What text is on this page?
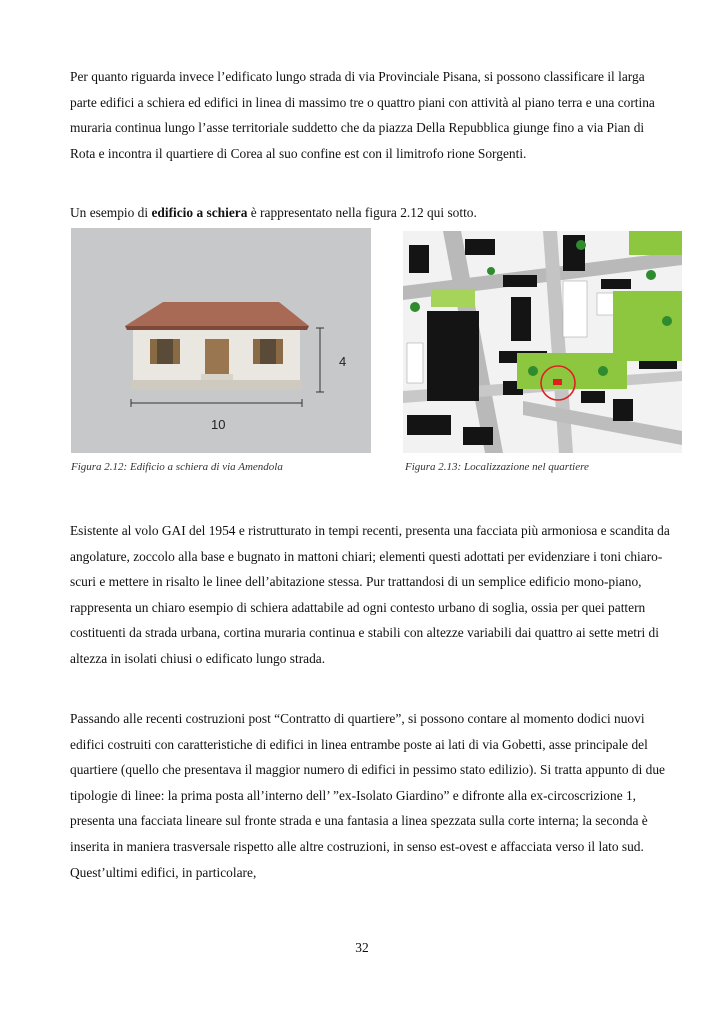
Per quanto riguarda invece l’edificato lungo strada di via Provinciale Pisana, si possono classificare il larga parte edifici a schiera ed edifici in linea di massimo tre o quattro piani con attività al piano terra e una cortina muraria continua lungo l’asse territoriale suddetto che da piazza Della Repubblica giunge fino a via Pian di Rota e incontra il quartiere di Corea al suo confine est con il limitrofo rione Sorgenti.

Un esempio di edificio a schiera è rappresentato nella figura 2.12 qui sotto.

4
10
Figura 2.12: Edificio a schiera di via Amendola	Figura 2.13: Localizzazione nel quartiere

Esistente al volo GAI del 1954 e ristrutturato in tempi recenti, presenta una facciata più armoniosa e scandita da angolature, zoccolo alla base e bugnato in mattoni chiari; elementi questi adottati per evidenziare i toni chiaro-scuri e mettere in risalto le linee dell’abitazione stessa. Pur trattandosi di un semplice edificio mono-piano, rappresenta un chiaro esempio di schiera adattabile ad ogni contesto urbano di soglia, ossia per quei pattern costituenti da strada urbana, cortina muraria continua e stabili con altezze variabili dai quattro ai sette metri di altezza in isolati chiusi o edificato lungo strada.

Passando alle recenti costruzioni post “Contratto di quartiere”, si possono contare al momento dodici nuovi edifici costruiti con caratteristiche di edifici in linea entrambe poste ai lati di via Gobetti, asse principale del quartiere (quello che presentava il maggior numero di edifici in pessimo stato edilizio). Si tratta appunto di due tipologie di linee: la prima posta all’interno dell’ ”ex-Isolato Giardino” e difronte alla ex-circoscrizione 1, presenta una facciata lineare sul fronte strada e una fantasia a linea spezzata sulla corte interna; la seconda è inserita in maniera trasversale rispetto alle altre costruzioni, in senso est-ovest e affacciata verso il lato sud. Quest’ultimi edifici, in particolare,

32
